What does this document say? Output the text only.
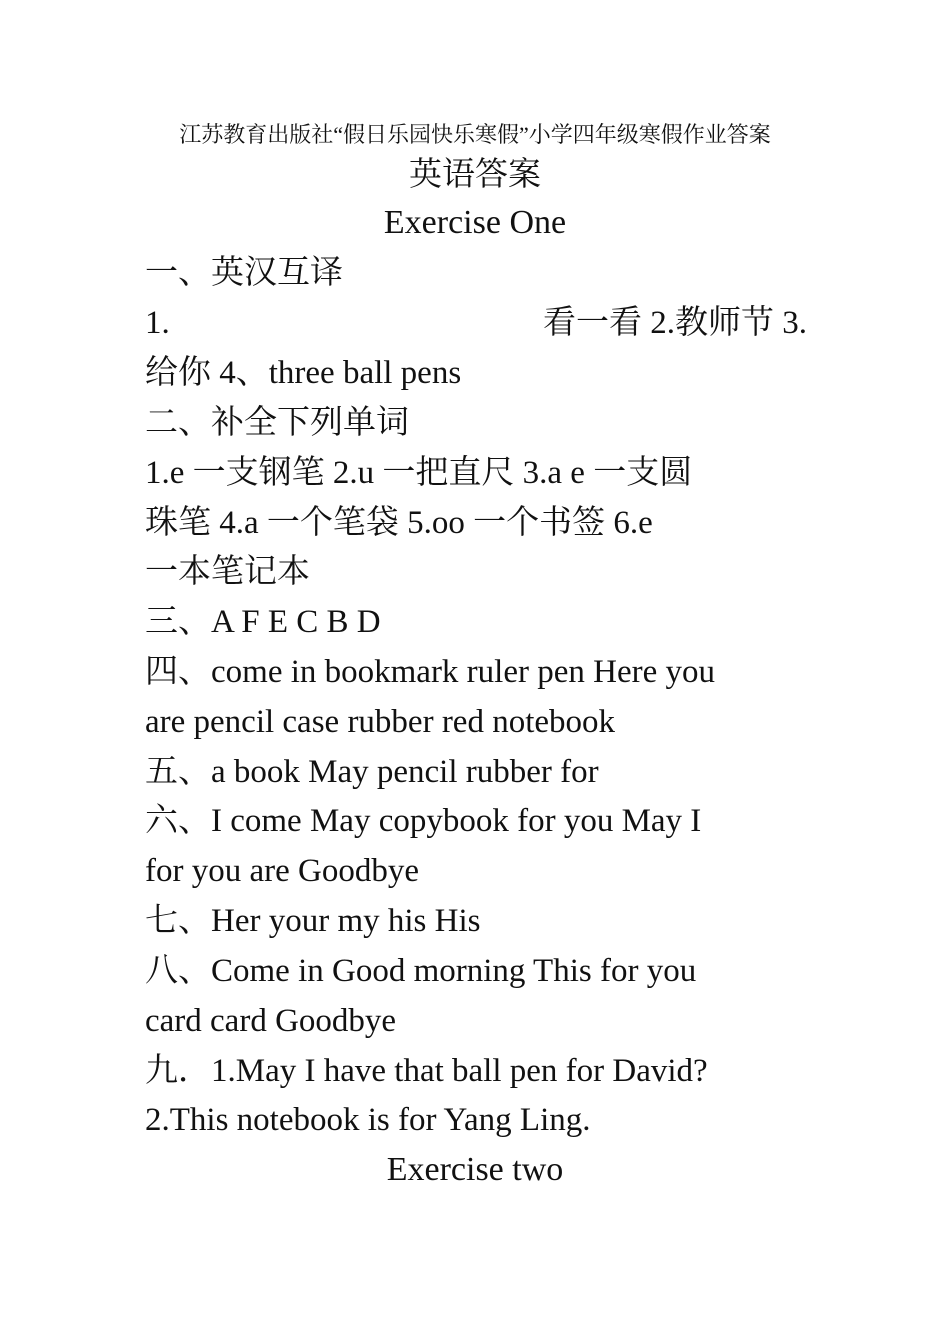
江苏教育出版社“假日乐园快乐寒假”小学四年级寒假作业答案
英语答案
Exercise One
一、英汉互译
1.	看一看 2.教师节 3.
给你 4、three ball pens
二、补全下列单词
1.e 一支钢笔 2.u 一把直尺 3.a e 一支圆
珠笔 4.a 一个笔袋 5.oo 一个书签 6.e
一本笔记本
三、A F E C B D
四、come in bookmark ruler pen Here you
are pencil case rubber red notebook
五、a book May pencil rubber for
六、I come May copybook for you May I
for you are Goodbye
七、Her your my his His
八、Come in Good morning This for you
card card Goodbye
九．1.May I have that ball pen for David?
2.This notebook is for Yang Ling.
Exercise two
